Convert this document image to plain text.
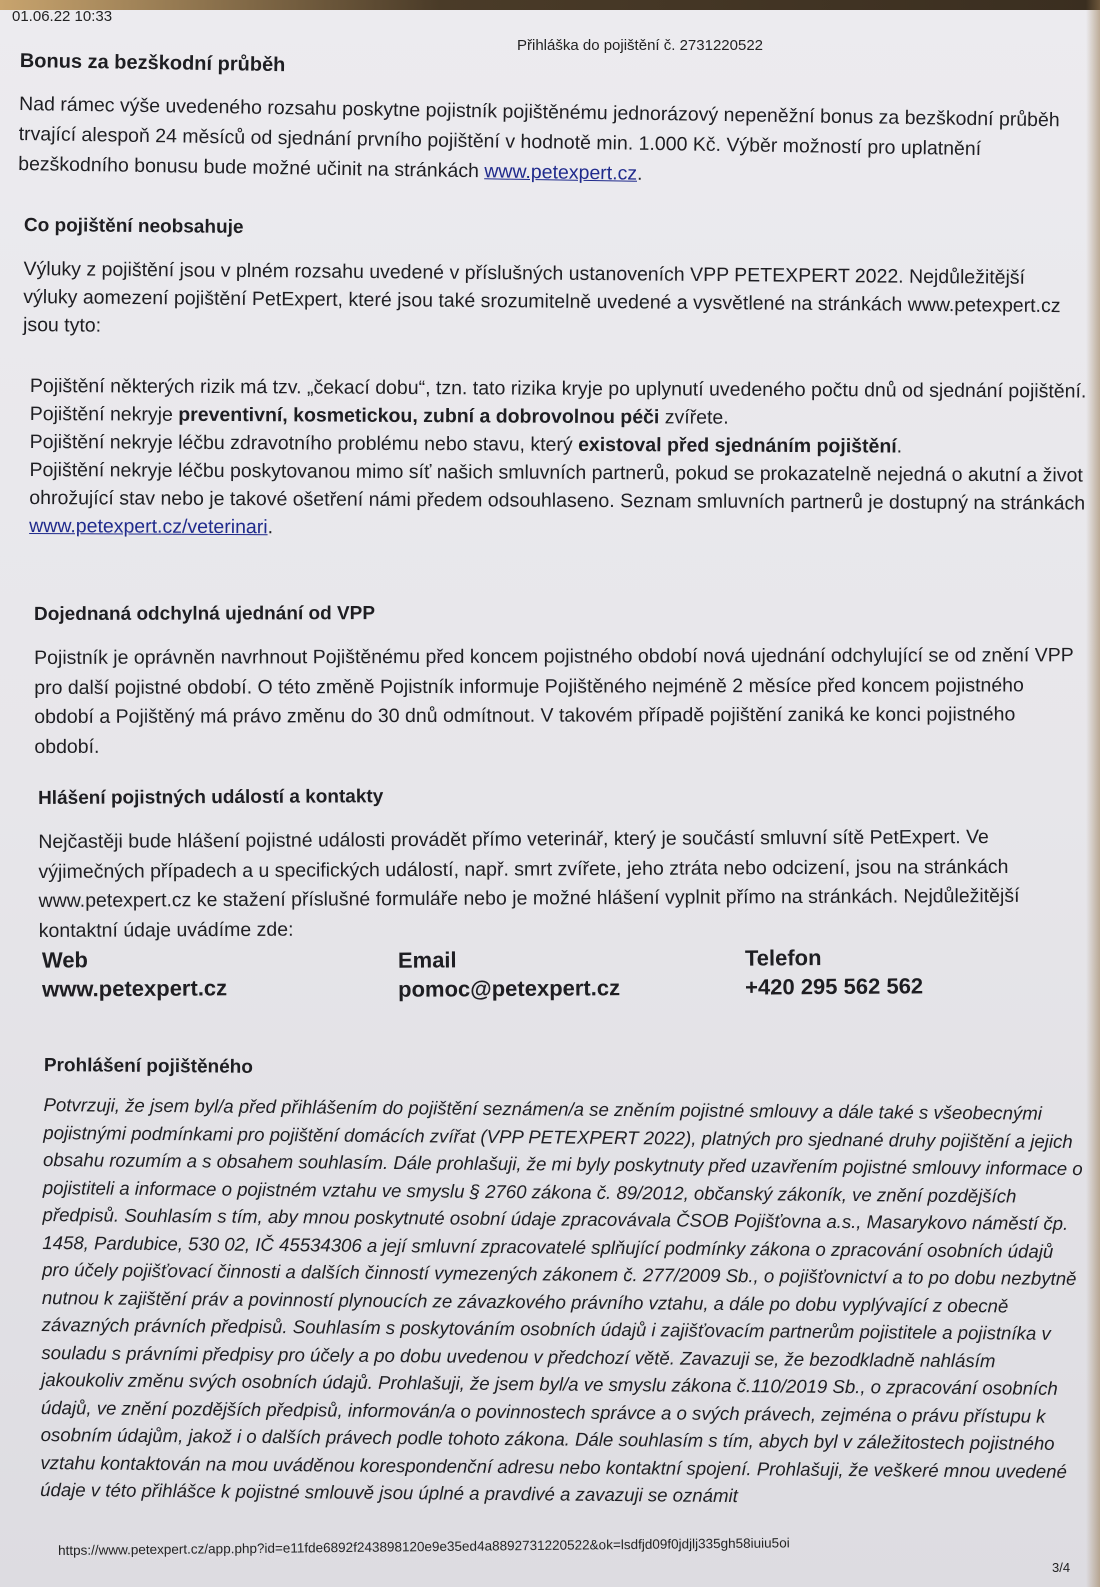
01.06.22 10:33
Přihláška do pojištění č. 2731220522

Bonus za bezškodní průběh

Nad rámec výše uvedeného rozsahu poskytne pojistník pojištěnému jednorázový nepeněžní bonus za bezškodní průběh trvající alespoň 24 měsíců od sjednání prvního pojištění v hodnotě min. 1.000 Kč. Výběr možností pro uplatnění bezškodního bonusu bude možné učinit na stránkách www.petexpert.cz.

Co pojištění neobsahuje

Výluky z pojištění jsou v plném rozsahu uvedené v příslušných ustanoveních VPP PETEXPERT 2022. Nejdůležitější výluky aomezení pojištění PetExpert, které jsou také srozumitelně uvedené a vysvětlené na stránkách www.petexpert.cz jsou tyto:

Pojištění některých rizik má tzv. „čekací dobu“, tzn. tato rizika kryje po uplynutí uvedeného počtu dnů od sjednání pojištění.

Pojištění nekryje preventivní, kosmetickou, zubní a dobrovolnou péči zvířete.

Pojištění nekryje léčbu zdravotního problému nebo stavu, který existoval před sjednáním pojištění.

Pojištění nekryje léčbu poskytovanou mimo síť našich smluvních partnerů, pokud se prokazatelně nejedná o akutní a život ohrožující stav nebo je takové ošetření námi předem odsouhlaseno. Seznam smluvních partnerů je dostupný na stránkách www.petexpert.cz/veterinari.

Dojednaná odchylná ujednání od VPP

Pojistník je oprávněn navrhnout Pojištěnému před koncem pojistného období nová ujednání odchylující se od znění VPP pro další pojistné období. O této změně Pojistník informuje Pojištěného nejméně 2 měsíce před koncem pojistného období a Pojištěný má právo změnu do 30 dnů odmítnout. V takovém případě pojištění zaniká ke konci pojistného období.

Hlášení pojistných událostí a kontakty

Nejčastěji bude hlášení pojistné události provádět přímo veterinář, který je součástí smluvní sítě PetExpert. Ve výjimečných případech a u specifických událostí, např. smrt zvířete, jeho ztráta nebo odcizení, jsou na stránkách www.petexpert.cz ke stažení příslušné formuláře nebo je možné hlášení vyplnit přímo na stránkách. Nejdůležitější kontaktní údaje uvádíme zde:

Web
www.petexpert.cz
Email
pomoc@petexpert.cz
Telefon
+420 295 562 562

Prohlášení pojištěného

Potvrzuji, že jsem byl/a před přihlášením do pojištění seznámen/a se zněním pojistné smlouvy a dále také s všeobecnými pojistnými podmínkami pro pojištění domácích zvířat (VPP PETEXPERT 2022), platných pro sjednané druhy pojištění a jejich obsahu rozumím a s obsahem souhlasím. Dále prohlašuji, že mi byly poskytnuty před uzavřením pojistné smlouvy informace o pojistiteli a informace o pojistném vztahu ve smyslu § 2760 zákona č. 89/2012, občanský zákoník, ve znění pozdějších předpisů. Souhlasím s tím, aby mnou poskytnuté osobní údaje zpracovávala ČSOB Pojišťovna a.s., Masarykovo náměstí čp. 1458, Pardubice, 530 02, IČ 45534306 a její smluvní zpracovatelé splňující podmínky zákona o zpracování osobních údajů pro účely pojišťovací činnosti a dalších činností vymezených zákonem č. 277/2009 Sb., o pojišťovnictví a to po dobu nezbytně nutnou k zajištění práv a povinností plynoucích ze závazkového právního vztahu, a dále po dobu vyplývající z obecně závazných právních předpisů. Souhlasím s poskytováním osobních údajů i zajišťovacím partnerům pojistitele a pojistníka v souladu s právními předpisy pro účely a po dobu uvedenou v předchozí větě. Zavazuji se, že bezodkladně nahlásím jakoukoliv změnu svých osobních údajů. Prohlašuji, že jsem byl/a ve smyslu zákona č.110/2019 Sb., o zpracování osobních údajů, ve znění pozdějších předpisů, informován/a o povinnostech správce a o svých právech, zejména o právu přístupu k osobním údajům, jakož i o dalších právech podle tohoto zákona. Dále souhlasím s tím, abych byl v záležitostech pojistného vztahu kontaktován na mou uváděnou korespondenční adresu nebo kontaktní spojení. Prohlašuji, že veškeré mnou uvedené údaje v této přihlášce k pojistné smlouvě jsou úplné a pravdivé a zavazuji se oznámit

https://www.petexpert.cz/app.php?id=e11fde6892f243898120e9e35ed4a8892731220522&ok=lsdfjd09f0jdjlj335gh58iuiu5oi
3/4
